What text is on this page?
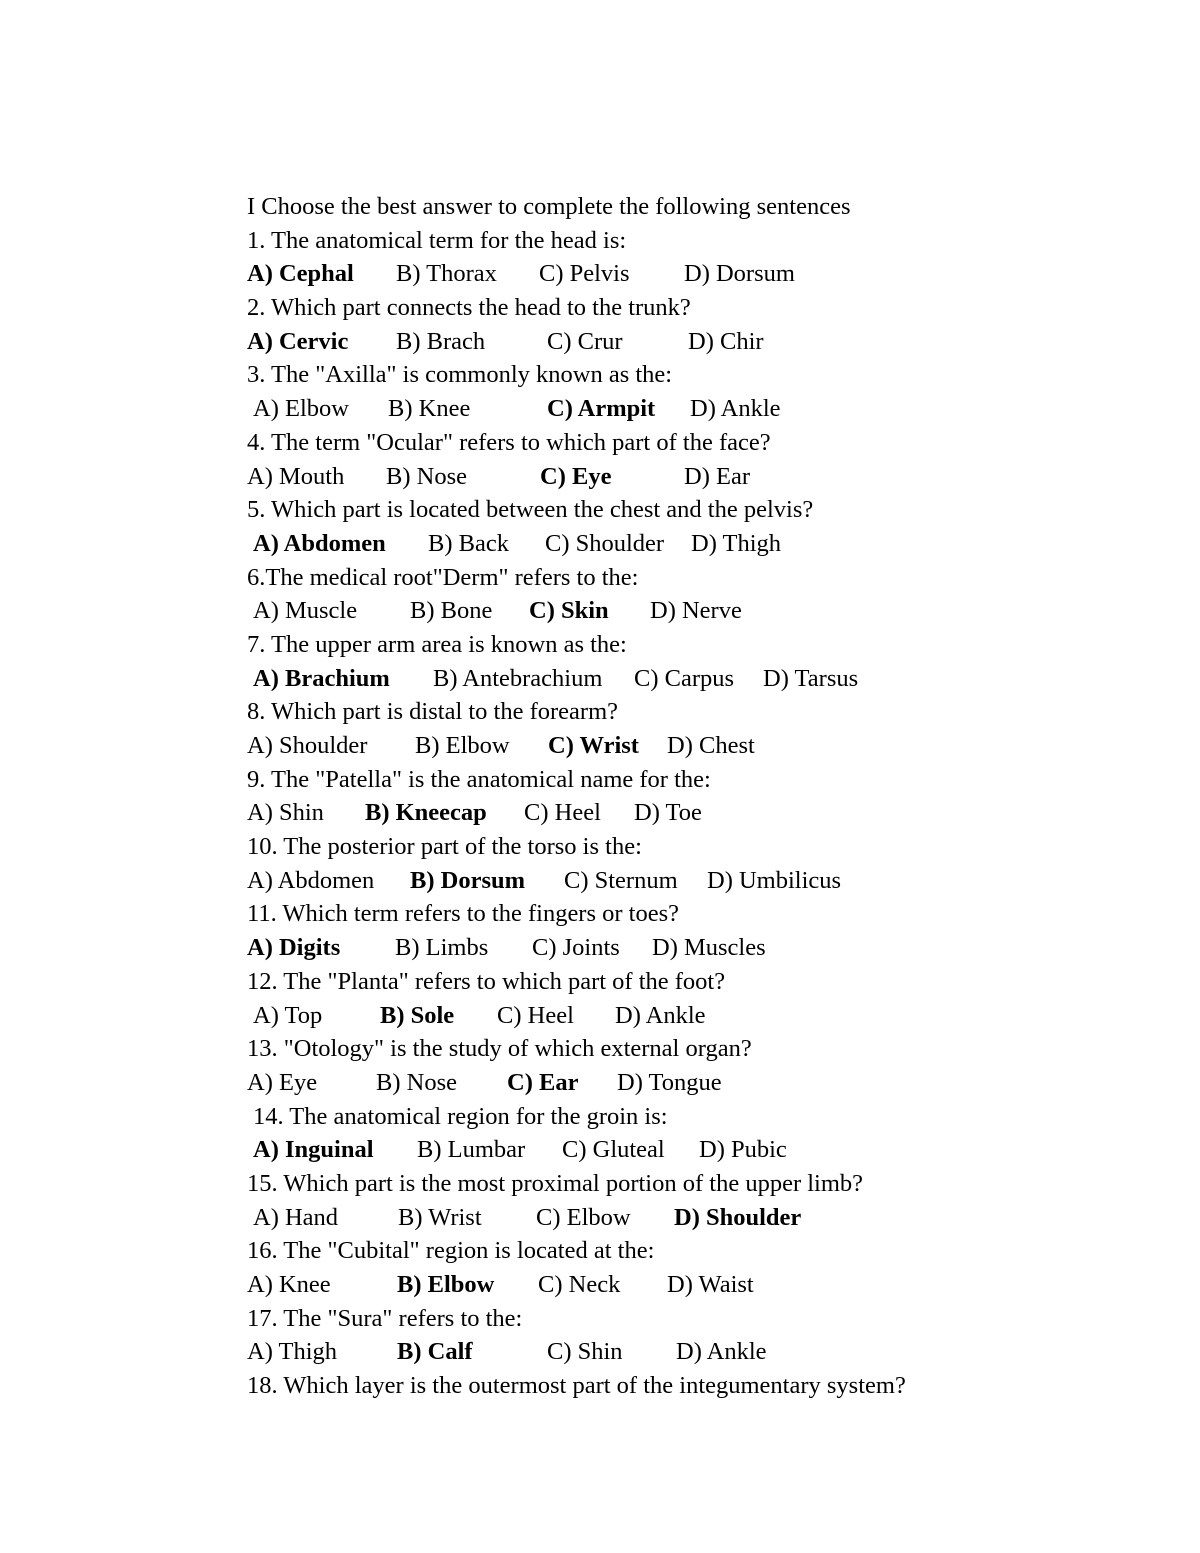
I Choose the best answer to complete the following sentences
1. The anatomical term for the head is:
A) Cephal B) Thorax C) Pelvis D) Dorsum
2. Which part connects the head to the trunk?
A) Cervic B) Brach	C) Crur	D) Chir
3. The "Axilla" is commonly known as the:
A) Elbow B) Knee	C) Armpit D) Ankle
4. The term "Ocular" refers to which part of the face?
A) Mouth B) Nose	C) Eye	D) Ear
5. Which part is located between the chest and the pelvis?
A) Abdomen B) Back C) Shoulder D) Thigh
6.The medical root"Derm" refers to the:
A) Muscle B) Bone C) Skin D) Nerve
7. The upper arm area is known as the:
A) Brachium B) Antebrachium C) Carpus D) Tarsus
8. Which part is distal to the forearm?
A) Shoulder B) Elbow C) Wrist D) Chest
9. The "Patella" is the anatomical name for the:
A) Shin B) Kneecap C) Heel D) Toe
10. The posterior part of the torso is the:
A) Abdomen B) Dorsum C) Sternum D) Umbilicus
11. Which term refers to the fingers or toes?
A) Digits B) Limbs C) Joints D) Muscles
12. The "Planta" refers to which part of the foot?
A) Top B) Sole C) Heel D) Ankle
13. "Otology" is the study of which external organ?
A) Eye B) Nose C) Ear D) Tongue
14. The anatomical region for the groin is:
A) Inguinal B) Lumbar C) Gluteal D) Pubic
15. Which part is the most proximal portion of the upper limb?
A) Hand B) Wrist C) Elbow D) Shoulder
16. The "Cubital" region is located at the:
A) Knee	B) Elbow C) Neck D) Waist
17. The "Sura" refers to the:
A) Thigh B) Calf	C) Shin D) Ankle
18. Which layer is the outermost part of the integumentary system?
